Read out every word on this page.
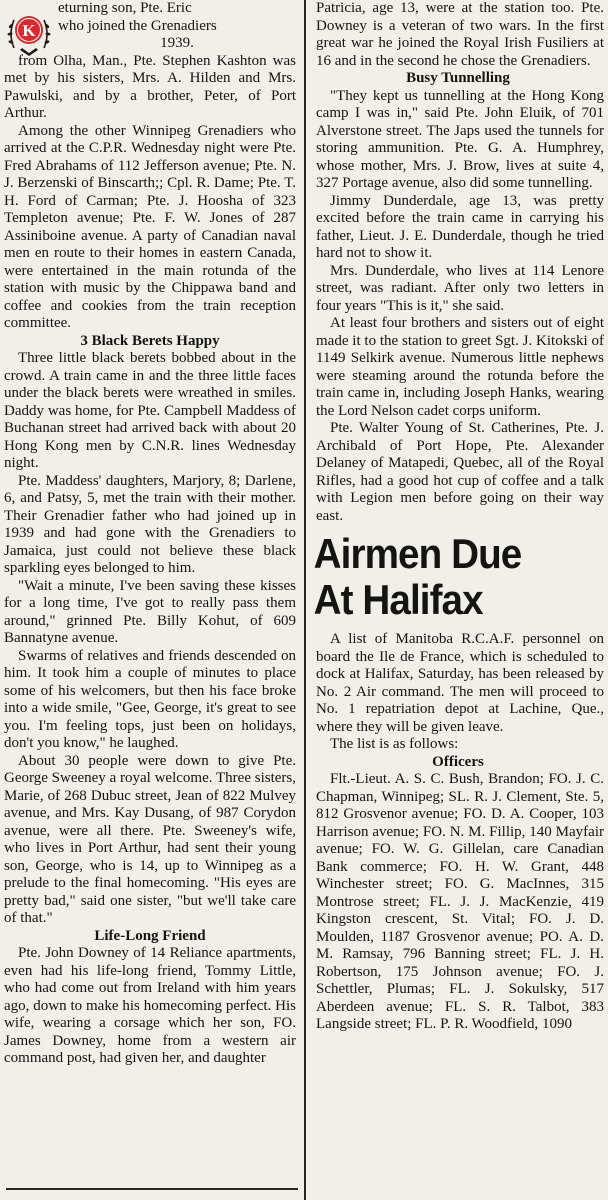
K

eturning son, Pte. Eric

who joined the Grenadiers

1939.

from Olha, Man., Pte. Stephen Kashton was met by his sisters, Mrs. A. Hilden and Mrs. Pawulski, and by a brother, Peter, of Port Arthur.

Among the other Winnipeg Grenadiers who arrived at the C.P.R. Wednesday night were Pte. Fred Abrahams of 112 Jefferson avenue; Pte. N. J. Berzenski of Binscarth;; Cpl. R. Dame; Pte. T. H. Ford of Carman; Pte. J. Hoosha of 323 Templeton avenue; Pte. F. W. Jones of 287 Assiniboine avenue. A party of Canadian naval men en route to their homes in eastern Canada, were entertained in the main rotunda of the station with music by the Chippawa band and coffee and cookies from the train reception committee.

3 Black Berets Happy

Three little black berets bobbed about in the crowd. A train came in and the three little faces under the black berets were wreathed in smiles. Daddy was home, for Pte. Campbell Maddess of Buchanan street had arrived back with about 20 Hong Kong men by C.N.R. lines Wednesday night.

Pte. Maddess' daughters, Marjory, 8; Darlene, 6, and Patsy, 5, met the train with their mother. Their Grenadier father who had joined up in 1939 and had gone with the Grenadiers to Jamaica, just could not believe these black sparkling eyes belonged to him.

"Wait a minute, I've been saving these kisses for a long time, I've got to really pass them around," grinned Pte. Billy Kohut, of 609 Bannatyne avenue.

Swarms of relatives and friends descended on him. It took him a couple of minutes to place some of his welcomers, but then his face broke into a wide smile, "Gee, George, it's great to see you. I'm feeling tops, just been on holidays, don't you know," he laughed.

About 30 people were down to give Pte. George Sweeney a royal welcome. Three sisters, Marie, of 268 Dubuc street, Jean of 822 Mulvey avenue, and Mrs. Kay Dusang, of 987 Corydon avenue, were all there. Pte. Sweeney's wife, who lives in Port Arthur, had sent their young son, George, who is 14, up to Winnipeg as a prelude to the final homecoming. "His eyes are pretty bad," said one sister, "but we'll take care of that."

Life-Long Friend

Pte. John Downey of 14 Reliance apartments, even had his life-long friend, Tommy Little, who had come out from Ireland with him years ago, down to make his homecoming perfect. His wife, wearing a corsage which her son, FO. James Downey, home from a western air command post, had given her, and daughter

Patricia, age 13, were at the station too. Pte. Downey is a veteran of two wars. In the first great war he joined the Royal Irish Fusiliers at 16 and in the second he chose the Grenadiers.

Busy Tunnelling

"They kept us tunnelling at the Hong Kong camp I was in," said Pte. John Eluik, of 701 Alverstone street. The Japs used the tunnels for storing ammunition. Pte. G. A. Humphrey, whose mother, Mrs. J. Brow, lives at suite 4, 327 Portage avenue, also did some tunnelling.

Jimmy Dunderdale, age 13, was pretty excited before the train came in carrying his father, Lieut. J. E. Dunderdale, though he tried hard not to show it.

Mrs. Dunderdale, who lives at 114 Lenore street, was radiant. After only two letters in four years "This is it," she said.

At least four brothers and sisters out of eight made it to the station to greet Sgt. J. Kitokski of 1149 Selkirk avenue. Numerous little nephews were steaming around the rotunda before the train came in, including Joseph Hanks, wearing the Lord Nelson cadet corps uniform.

Pte. Walter Young of St. Catherines, Pte. J. Archibald of Port Hope, Pte. Alexander Delaney of Matapedi, Quebec, all of the Royal Rifles, had a good hot cup of coffee and a talk with Legion men before going on their way east.

Airmen Due
At Halifax

A list of Manitoba R.C.A.F. personnel on board the Ile de France, which is scheduled to dock at Halifax, Saturday, has been released by No. 2 Air command. The men will proceed to No. 1 repatriation depot at Lachine, Que., where they will be given leave.

The list is as follows:

Officers

Flt.-Lieut. A. S. C. Bush, Brandon; FO. J. C. Chapman, Winnipeg; SL. R. J. Clement, Ste. 5, 812 Grosvenor avenue; FO. D. A. Cooper, 103 Harrison avenue; FO. N. M. Fillip, 140 Mayfair avenue; FO. W. G. Gillelan, care Canadian Bank commerce; FO. H. W. Grant, 448 Winchester street; FO. G. MacInnes, 315 Montrose street; FL. J. J. MacKenzie, 419 Kingston crescent, St. Vital; FO. J. D. Moulden, 1187 Grosvenor avenue; PO. A. D. M. Ramsay, 796 Banning street; FL. J. H. Robertson, 175 Johnson avenue; FO. J. Schettler, Plumas; FL. J. Sokulsky, 517 Aberdeen avenue; FL. S. R. Talbot, 383 Langside street; FL. P. R. Woodfield, 1090
